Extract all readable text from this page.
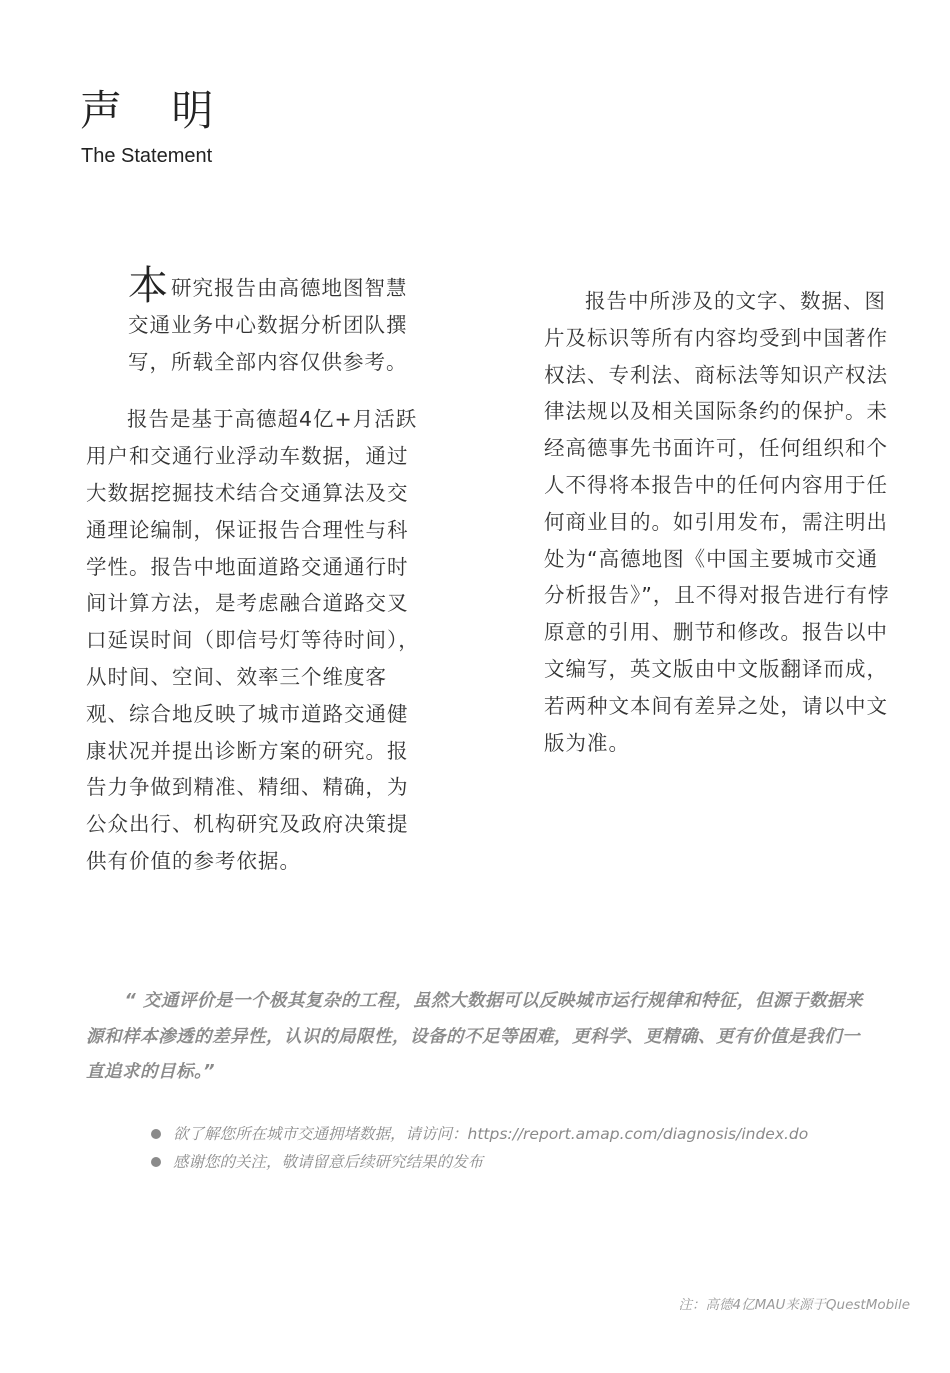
声 明
The Statement

本研究报告由高德地图智慧交通业务中心数据分析团队撰写，所载全部内容仅供参考。

报告是基于高德超4亿+月活跃用户和交通行业浮动车数据，通过大数据挖掘技术结合交通算法及交通理论编制，保证报告合理性与科学性。报告中地面道路交通通行时间计算方法，是考虑融合道路交叉口延误时间（即信号灯等待时间），从时间、空间、效率三个维度客观、综合地反映了城市道路交通健康状况并提出诊断方案的研究。报告力争做到精准、精细、精确，为公众出行、机构研究及政府决策提供有价值的参考依据。

报告中所涉及的文字、数据、图片及标识等所有内容均受到中国著作权法、专利法、商标法等知识产权法律法规以及相关国际条约的保护。未经高德事先书面许可，任何组织和个人不得将本报告中的任何内容用于任何商业目的。如引用发布，需注明出处为“高德地图《中国主要城市交通分析报告》”，且不得对报告进行有悖原意的引用、删节和修改。报告以中文编写，英文版由中文版翻译而成，若两种文本间有差异之处，请以中文版为准。

“ 交通评价是一个极其复杂的工程，虽然大数据可以反映城市运行规律和特征，但源于数据来源和样本渗透的差异性，认识的局限性，设备的不足等困难，更科学、更精确、更有价值是我们一直追求的目标。”

欲了解您所在城市交通拥堵数据，请访问：https://report.amap.com/diagnosis/index.do
感谢您的关注，敬请留意后续研究结果的发布
注：高德4亿MAU来源于QuestMobile
